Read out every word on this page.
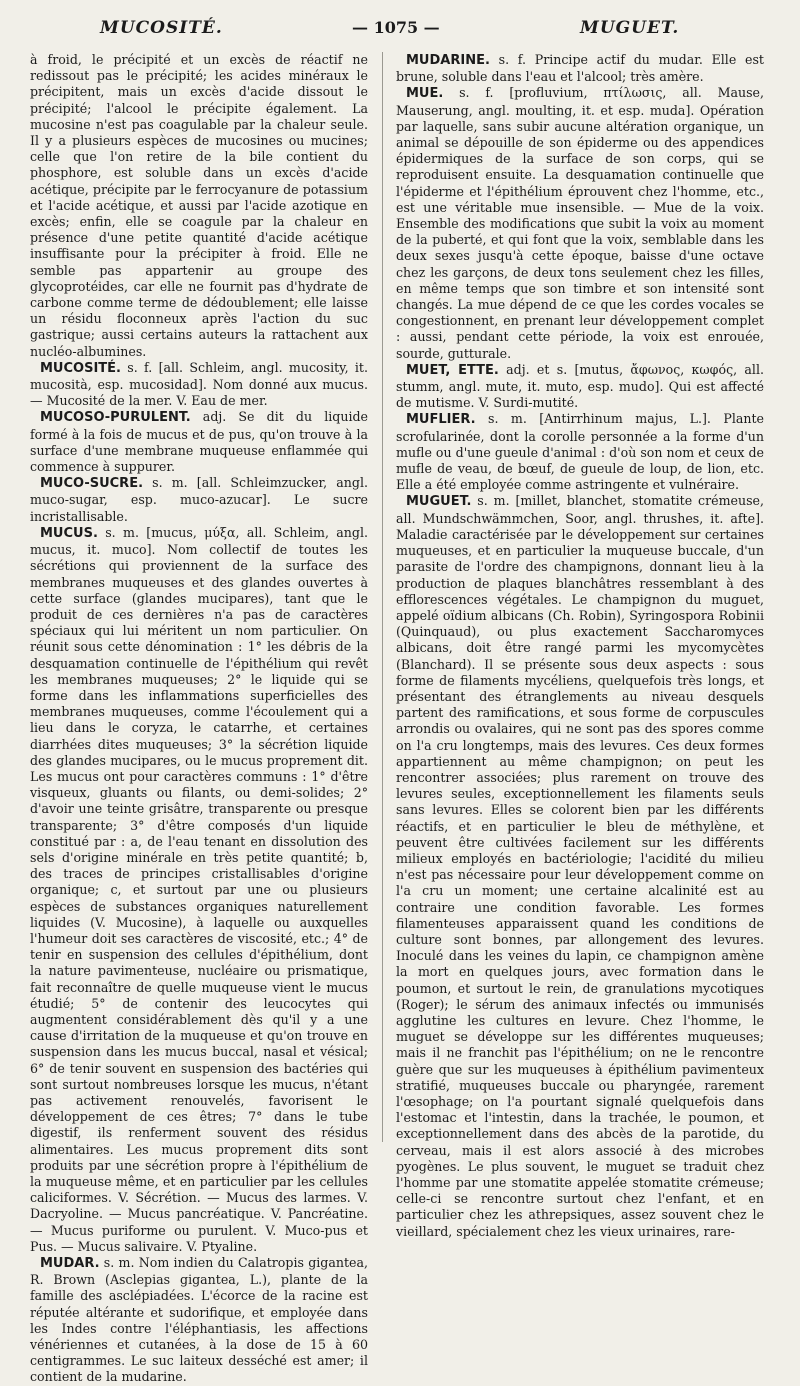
MUCOSITÉ.	— 1075 —	MUGUET.

à froid, le précipité et un excès de réactif ne redissout pas le précipité; les acides minéraux le précipitent, mais un excès d'acide dissout le précipité; l'alcool le précipite également. La mucosine n'est pas coagulable par la chaleur seule. Il y a plusieurs espèces de mucosines ou mucines; celle que l'on retire de la bile contient du phosphore, est soluble dans un excès d'acide acétique, précipite par le ferrocyanure de potassium et l'acide acétique, et aussi par l'acide azotique en excès; enfin, elle se coagule par la chaleur en présence d'une petite quantité d'acide acétique insuffisante pour la précipiter à froid. Elle ne semble pas appartenir au groupe des glycoprotéides, car elle ne fournit pas d'hydrate de carbone comme terme de dédoublement; elle laisse un résidu floconneux après l'action du suc gastrique; aussi certains auteurs la rattachent aux nucléo-albumines.

MUCOSITÉ. s. f. [all. Schleim, angl. mucosity, it. mucosità, esp. mucosidad]. Nom donné aux mucus. — Mucosité de la mer. V. Eau de mer.

MUCOSO-PURULENT. adj. Se dit du liquide formé à la fois de mucus et de pus, qu'on trouve à la surface d'une membrane muqueuse enflammée qui commence à suppurer.

MUCO-SUCRE. s. m. [all. Schleimzucker, angl. muco-sugar, esp. muco-azucar]. Le sucre incristallisable.

MUCUS. s. m. [mucus, μύξα, all. Schleim, angl. mucus, it. muco]. Nom collectif de toutes les sécrétions qui proviennent de la surface des membranes muqueuses et des glandes ouvertes à cette surface (glandes mucipares), tant que le produit de ces dernières n'a pas de caractères spéciaux qui lui méritent un nom particulier. On réunit sous cette dénomination : 1° les débris de la desquamation continuelle de l'épithélium qui revêt les membranes muqueuses; 2° le liquide qui se forme dans les inflammations superficielles des membranes muqueuses, comme l'écoulement qui a lieu dans le coryza, le catarrhe, et certaines diarrhées dites muqueuses; 3° la sécrétion liquide des glandes mucipares, ou le mucus proprement dit. Les mucus ont pour caractères communs : 1° d'être visqueux, gluants ou filants, ou demi-solides; 2° d'avoir une teinte grisâtre, transparente ou presque transparente; 3° d'être composés d'un liquide constitué par : a, de l'eau tenant en dissolution des sels d'origine minérale en très petite quantité; b, des traces de principes cristallisables d'origine organique; c, et surtout par une ou plusieurs espèces de substances organiques naturellement liquides (V. Mucosine), à laquelle ou auxquelles l'humeur doit ses caractères de viscosité, etc.; 4° de tenir en suspension des cellules d'épithélium, dont la nature pavimenteuse, nucléaire ou prismatique, fait reconnaître de quelle muqueuse vient le mucus étudié; 5° de contenir des leucocytes qui augmentent considérablement dès qu'il y a une cause d'irritation de la muqueuse et qu'on trouve en suspension dans les mucus buccal, nasal et vésical; 6° de tenir souvent en suspension des bactéries qui sont surtout nombreuses lorsque les mucus, n'étant pas activement renouvelés, favorisent le développement de ces êtres; 7° dans le tube digestif, ils renferment souvent des résidus alimentaires. Les mucus proprement dits sont produits par une sécrétion propre à l'épithélium de la muqueuse même, et en particulier par les cellules caliciformes. V. Sécrétion. — Mucus des larmes. V. Dacryoline. — Mucus pancréatique. V. Pancréatine. — Mucus puriforme ou purulent. V. Muco-pus et Pus. — Mucus salivaire. V. Ptyaline.

MUDAR. s. m. Nom indien du Calatropis gigantea, R. Brown (Asclepias gigantea, L.), plante de la famille des asclépiadées. L'écorce de la racine est réputée altérante et sudorifique, et employée dans les Indes contre l'éléphantiasis, les affections vénériennes et cutanées, à la dose de 15 à 60 centigrammes. Le suc laiteux desséché est amer; il contient de la mudarine.

MUDARINE. s. f. Principe actif du mudar. Elle est brune, soluble dans l'eau et l'alcool; très amère.

MUE. s. f. [profluvium, πτίλωσις, all. Mause, Mauserung, angl. moulting, it. et esp. muda]. Opération par laquelle, sans subir aucune altération organique, un animal se dépouille de son épiderme ou des appendices épidermiques de la surface de son corps, qui se reproduisent ensuite. La desquamation continuelle que l'épiderme et l'épithélium éprouvent chez l'homme, etc., est une véritable mue insensible. — Mue de la voix. Ensemble des modifications que subit la voix au moment de la puberté, et qui font que la voix, semblable dans les deux sexes jusqu'à cette époque, baisse d'une octave chez les garçons, de deux tons seulement chez les filles, en même temps que son timbre et son intensité sont changés. La mue dépend de ce que les cordes vocales se congestionnent, en prenant leur développement complet : aussi, pendant cette période, la voix est enrouée, sourde, gutturale.

MUET, ETTE. adj. et s. [mutus, ἄφωνος, κωφός, all. stumm, angl. mute, it. muto, esp. mudo]. Qui est affecté de mutisme. V. Surdi-mutité.

MUFLIER. s. m. [Antirrhinum majus, L.]. Plante scrofularinée, dont la corolle personnée a la forme d'un mufle ou d'une gueule d'animal : d'où son nom et ceux de mufle de veau, de bœuf, de gueule de loup, de lion, etc. Elle a été employée comme astringente et vulnéraire.

MUGUET. s. m. [millet, blanchet, stomatite crémeuse, all. Mundschwämmchen, Soor, angl. thrushes, it. afte]. Maladie caractérisée par le développement sur certaines muqueuses, et en particulier la muqueuse buccale, d'un parasite de l'ordre des champignons, donnant lieu à la production de plaques blanchâtres ressemblant à des efflorescences végétales. Le champignon du muguet, appelé oïdium albicans (Ch. Robin), Syringospora Robinii (Quinquaud), ou plus exactement Saccharomyces albicans, doit être rangé parmi les mycomycètes (Blanchard). Il se présente sous deux aspects : sous forme de filaments mycéliens, quelquefois très longs, et présentant des étranglements au niveau desquels partent des ramifications, et sous forme de corpuscules arrondis ou ovalaires, qui ne sont pas des spores comme on l'a cru longtemps, mais des levures. Ces deux formes appartiennent au même champignon; on peut les rencontrer associées; plus rarement on trouve des levures seules, exceptionnellement les filaments seuls sans levures. Elles se colorent bien par les différents réactifs, et en particulier le bleu de méthylène, et peuvent être cultivées facilement sur les différents milieux employés en bactériologie; l'acidité du milieu n'est pas nécessaire pour leur développement comme on l'a cru un moment; une certaine alcalinité est au contraire une condition favorable. Les formes filamenteuses apparaissent quand les conditions de culture sont bonnes, par allongement des levures. Inoculé dans les veines du lapin, ce champignon amène la mort en quelques jours, avec formation dans le poumon, et surtout le rein, de granulations mycotiques (Roger); le sérum des animaux infectés ou immunisés agglutine les cultures en levure. Chez l'homme, le muguet se développe sur les différentes muqueuses; mais il ne franchit pas l'épithélium; on ne le rencontre guère que sur les muqueuses à épithélium pavimenteux stratifié, muqueuses buccale ou pharyngée, rarement l'œsophage; on l'a pourtant signalé quelquefois dans l'estomac et l'intestin, dans la trachée, le poumon, et exceptionnellement dans des abcès de la parotide, du cerveau, mais il est alors associé à des microbes pyogènes. Le plus souvent, le muguet se traduit chez l'homme par une stomatite appelée stomatite crémeuse; celle-ci se rencontre surtout chez l'enfant, et en particulier chez les athrepsiques, assez souvent chez le vieillard, spécialement chez les vieux urinaires, rare-
